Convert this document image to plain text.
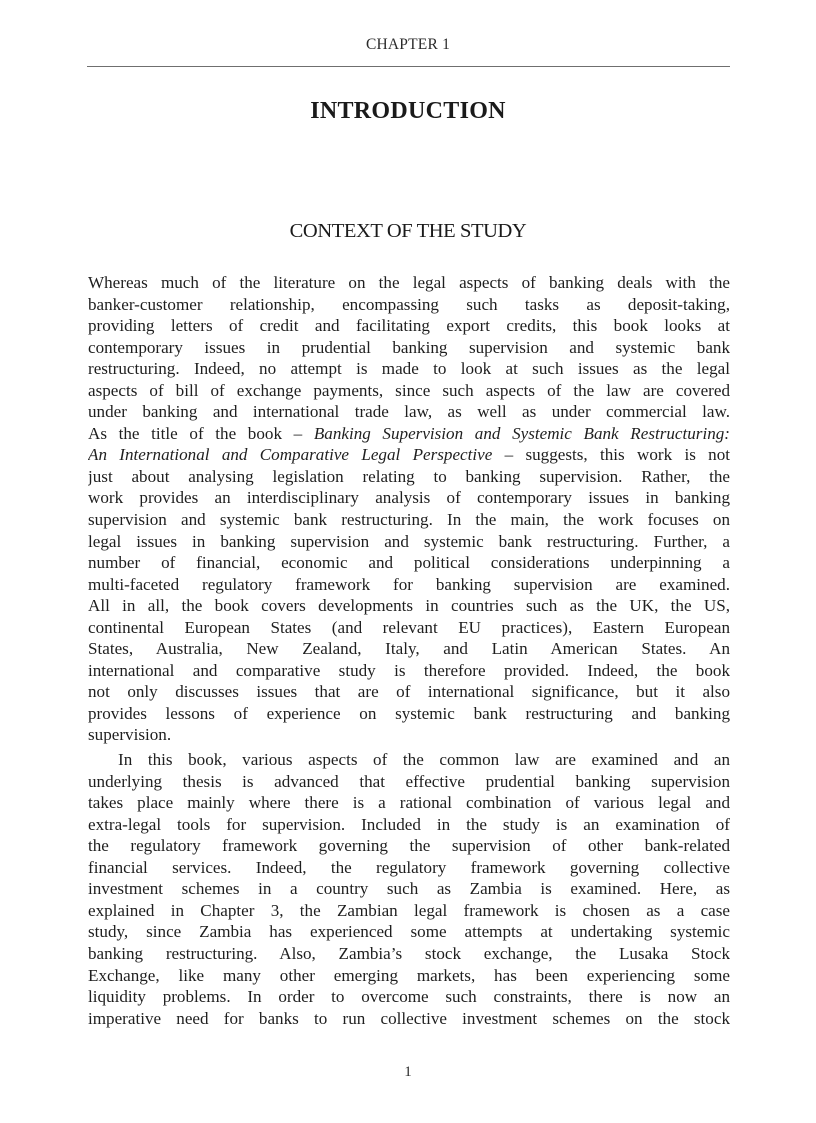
CHAPTER 1
INTRODUCTION
CONTEXT OF THE STUDY
Whereas much of the literature on the legal aspects of banking deals with the
banker-customer relationship, encompassing such tasks as deposit-taking,
providing letters of credit and facilitating export credits, this book looks at
contemporary issues in prudential banking supervision and systemic bank
restructuring. Indeed, no attempt is made to look at such issues as the legal
aspects of bill of exchange payments, since such aspects of the law are covered
under banking and international trade law, as well as under commercial law.
As the title of the book – Banking Supervision and Systemic Bank Restructuring:
An International and Comparative Legal Perspective – suggests, this work is not
just about analysing legislation relating to banking supervision. Rather, the
work provides an interdisciplinary analysis of contemporary issues in banking
supervision and systemic bank restructuring. In the main, the work focuses on
legal issues in banking supervision and systemic bank restructuring. Further, a
number of financial, economic and political considerations underpinning a
multi-faceted regulatory framework for banking supervision are examined.
All in all, the book covers developments in countries such as the UK, the US,
continental European States (and relevant EU practices), Eastern European
States, Australia, New Zealand, Italy, and Latin American States. An
international and comparative study is therefore provided. Indeed, the book
not only discusses issues that are of international significance, but it also
provides lessons of experience on systemic bank restructuring and banking
supervision.
In this book, various aspects of the common law are examined and an
underlying thesis is advanced that effective prudential banking supervision
takes place mainly where there is a rational combination of various legal and
extra-legal tools for supervision. Included in the study is an examination of
the regulatory framework governing the supervision of other bank-related
financial services. Indeed, the regulatory framework governing collective
investment schemes in a country such as Zambia is examined. Here, as
explained in Chapter 3, the Zambian legal framework is chosen as a case
study, since Zambia has experienced some attempts at undertaking systemic
banking restructuring. Also, Zambia’s stock exchange, the Lusaka Stock
Exchange, like many other emerging markets, has been experiencing some
liquidity problems. In order to overcome such constraints, there is now an
imperative need for banks to run collective investment schemes on the stock
1
